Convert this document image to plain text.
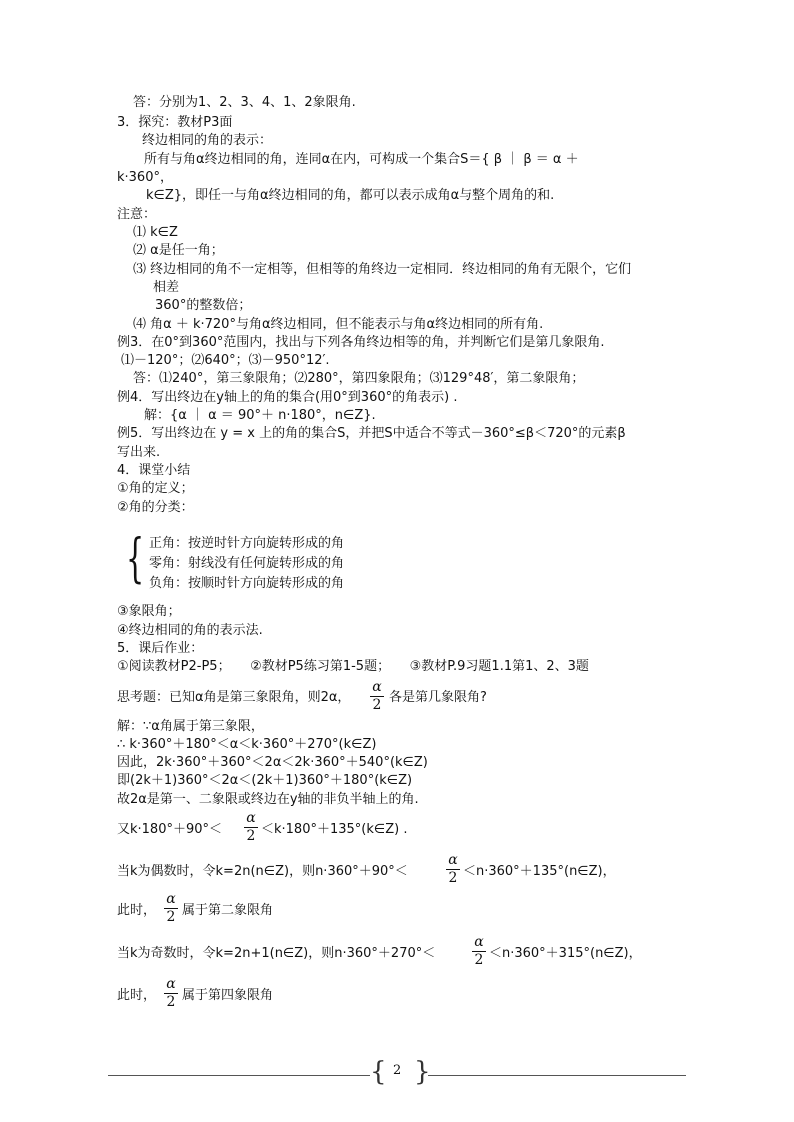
答：分别为1、2、3、4、1、2象限角.
3．探究：教材P3面
终边相同的角的表示：
所有与角α终边相同的角，连同α在内，可构成一个集合S＝{ β ｜ β ＝ α ＋
k·360°，
k∈Z}，即任一与角α终边相同的角，都可以表示成角α与整个周角的和.
注意：
⑴ k∈Z
⑵ α是任一角；
⑶ 终边相同的角不一定相等，但相等的角终边一定相同．终边相同的角有无限个，它们
相差
360°的整数倍；
⑷ 角α ＋ k·720°与角α终边相同，但不能表示与角α终边相同的所有角.
例3．在0°到360°范围内，找出与下列各角终边相等的角，并判断它们是第几象限角.
⑴－120°；⑵640°；⑶－950°12′.
答：⑴240°，第三象限角；⑵280°，第四象限角；⑶129°48′，第二象限角；
例4．写出终边在y轴上的角的集合(用0°到360°的角表示) .
解：{α ｜ α ＝ 90°＋ n·180°，n∈Z}.
例5．写出终边在 y = x 上的角的集合S，并把S中适合不等式－360°≤β＜720°的元素β
写出来.
4．课堂小结
①角的定义；
②角的分类：
{ 正角：按逆时针方向旋转形成的角
零角：射线没有任何旋转形成的角
负角：按顺时针方向旋转形成的角
③象限角；
④终边相同的角的表示法.
5．课后作业：
①阅读教材P2-P5；　　②教材P5练习第1-5题；　　③教材P.9习题1.1第1、2、3题
思考题：已知α角是第三象限角，则2α，
α
2 各是第几象限角?
解：∵α角属于第三象限，
∴ k·360°＋180°＜α＜k·360°＋270°(k∈Z)
因此，2k·360°＋360°＜2α＜2k·360°＋540°(k∈Z)
即(2k＋1)360°＜2α＜(2k＋1)360°＋180°(k∈Z)
故2α是第一、二象限或终边在y轴的非负半轴上的角.
又k·180°＋90°＜
α
2 ＜k·180°＋135°(k∈Z) .
当k为偶数时，令k=2n(n∈Z)，则n·360°＋90°＜
α
2 ＜n·360°＋135°(n∈Z)，
此时，
α
2 属于第二象限角
当k为奇数时，令k=2n+1(n∈Z)，则n·360°＋270°＜
α
2 ＜n·360°＋315°(n∈Z)，
此时，
α
2 属于第四象限角
{ }
2
